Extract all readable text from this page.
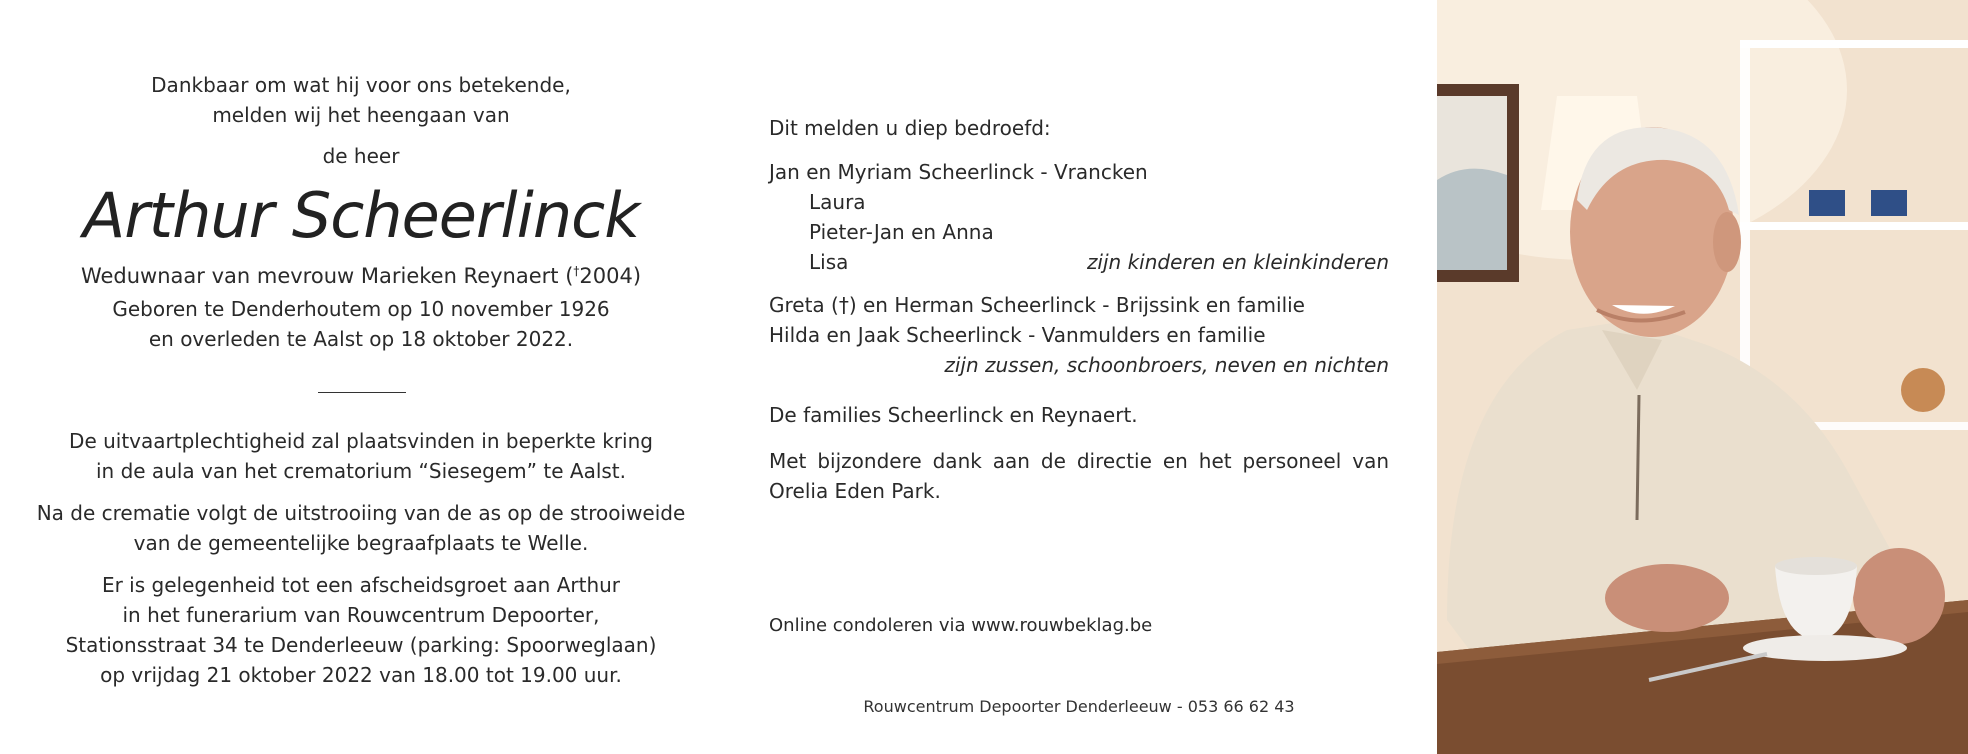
Dankbaar om wat hij voor ons betekende,

melden wij het heengaan van

de heer
Arthur Scheerlinck
Weduwnaar van mevrouw Marieken Reynaert (†2004)

Geboren te Denderhoutem op 10 november 1926

en overleden te Aalst op 18 oktober 2022.

De uitvaartplechtigheid zal plaatsvinden in beperkte kring
in de aula van het crematorium “Siesegem” te Aalst.

Na de crematie volgt de uitstrooiing van de as op de strooiweide
van de gemeentelijke begraafplaats te Welle.

Er is gelegenheid tot een afscheidsgroet aan Arthur
in het funerarium van Rouwcentrum Depoorter,
Stationsstraat 34 te Denderleeuw (parking: Spoorweglaan)
op vrijdag 21 oktober 2022 van 18.00 tot 19.00 uur.

Dit melden u diep bedroefd:
Jan en Myriam Scheerlinck - Vrancken
Laura
Pieter-Jan en Anna
Lisa	zijn kinderen en kleinkinderen
Greta (†) en Herman Scheerlinck - Brijssink en familie
Hilda en Jaak Scheerlinck - Vanmulders en familie
zijn zussen, schoonbroers, neven en nichten
De families Scheerlinck en Reynaert.
Met bijzondere dank aan de directie en het personeel van Orelia Eden Park.
Online condoleren via www.rouwbeklag.be
Rouwcentrum Depoorter Denderleeuw - 053 66 62 43
